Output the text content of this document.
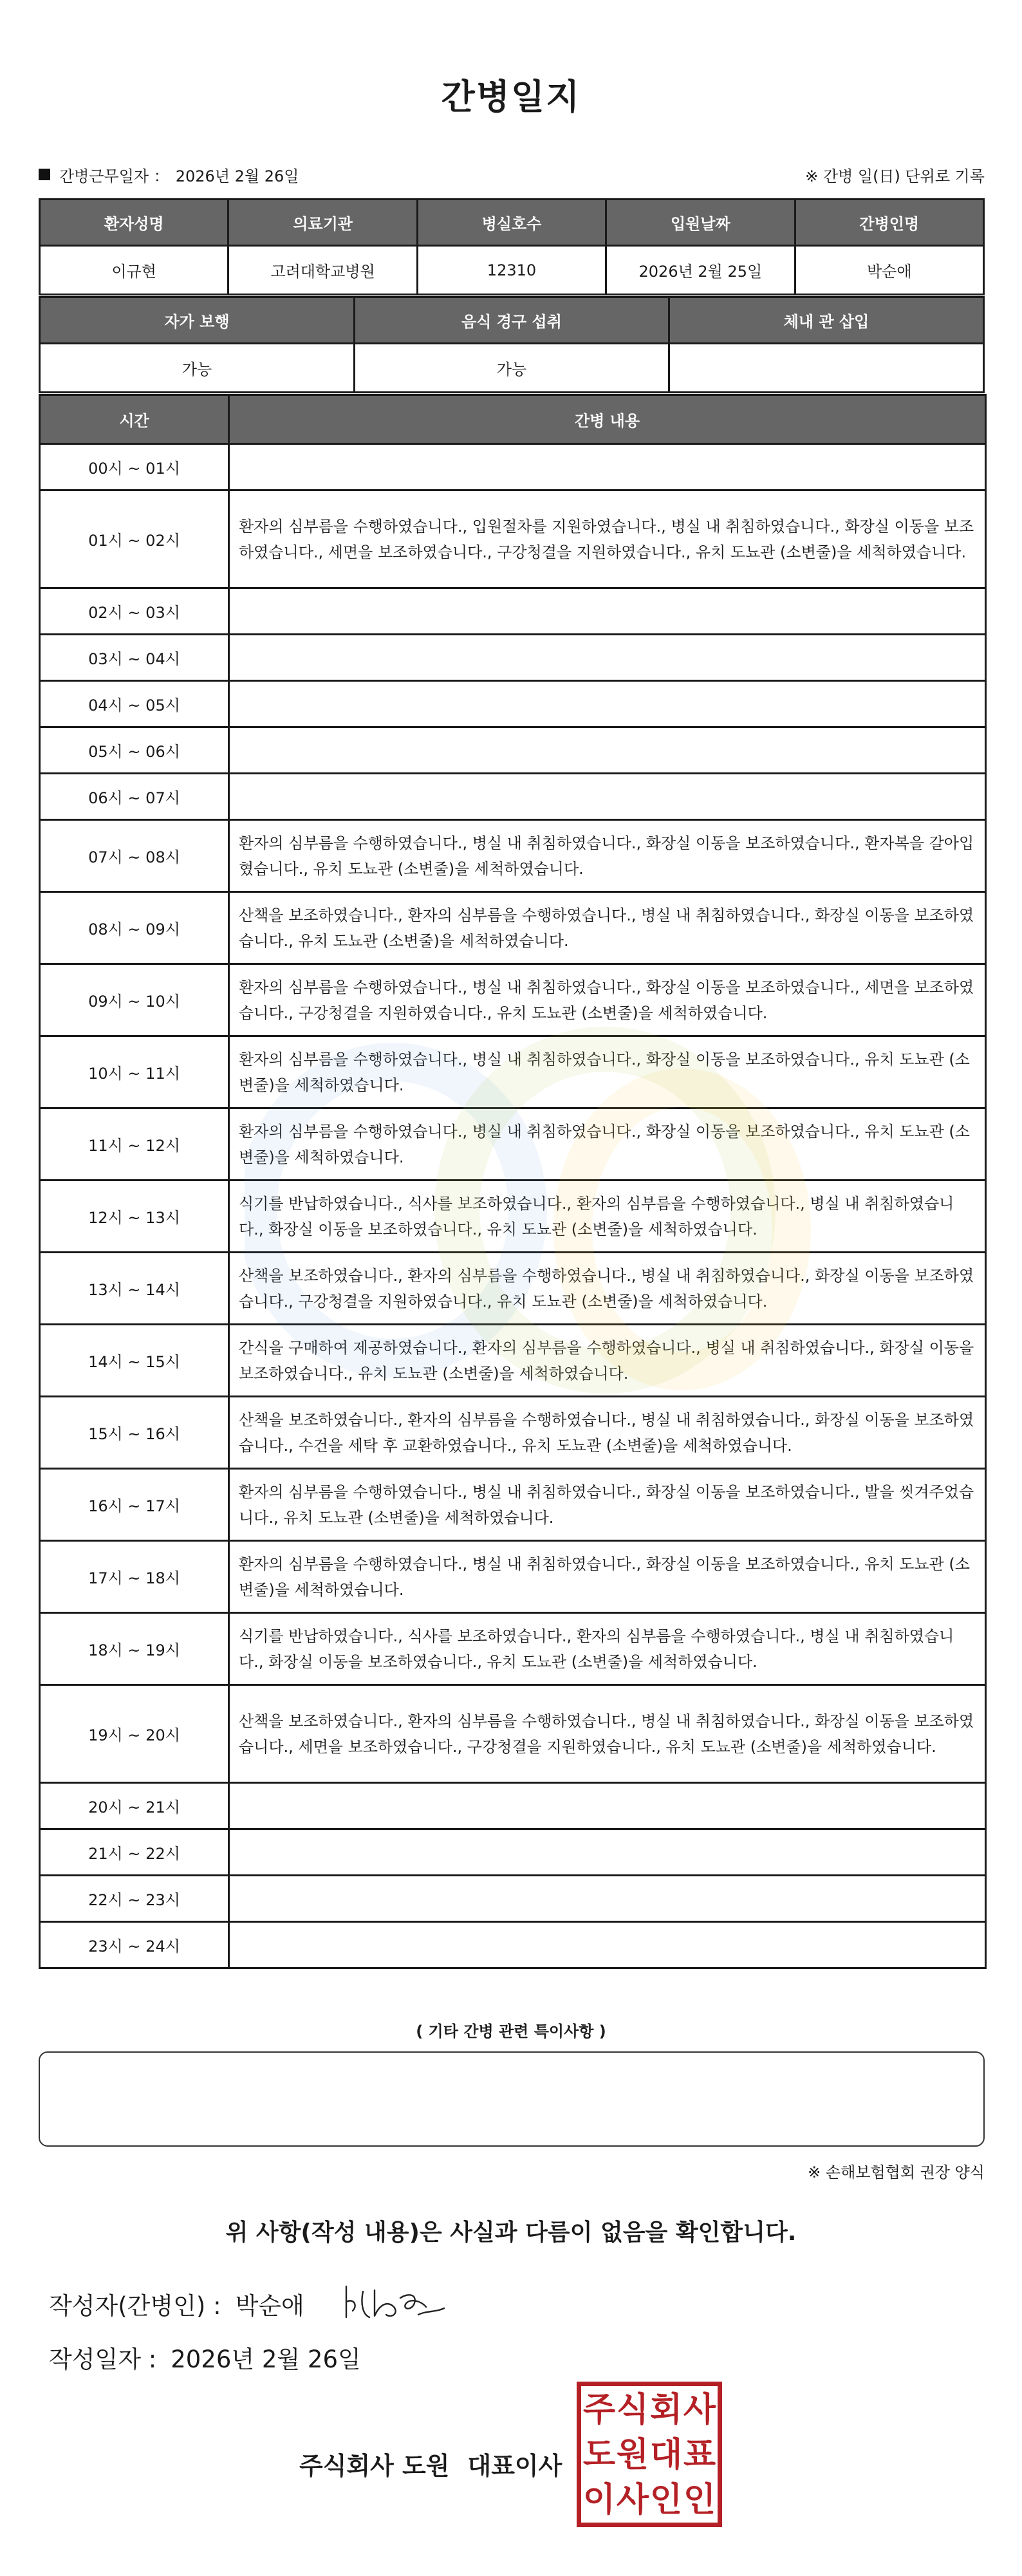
간병일지
간병근무일자 ： 2026년 2월 26일	※ 간병 일(日) 단위로 기록
환자성명	의료기관	병실호수	입원날짜	간병인명
이규현	고려대학교병원	12310	2026년 2월 25일	박순애
자가 보행	음식 경구 섭취	체내 관 삽입
가능	가능	
시간	간병 내용
00시 ~ 01시	
01시 ~ 02시	환자의 심부름을 수행하였습니다., 입원절차를 지원하였습니다., 병실 내 취침하였습니다., 화장실 이동을 보조하였습니다., 세면을 보조하였습니다., 구강청결을 지원하였습니다., 유치 도뇨관 (소변줄)을 세척하였습니다.
02시 ~ 03시	
03시 ~ 04시	
04시 ~ 05시	
05시 ~ 06시	
06시 ~ 07시	
07시 ~ 08시	환자의 심부름을 수행하였습니다., 병실 내 취침하였습니다., 화장실 이동을 보조하였습니다., 환자복을 갈아입혔습니다., 유치 도뇨관 (소변줄)을 세척하였습니다.
08시 ~ 09시	산책을 보조하였습니다., 환자의 심부름을 수행하였습니다., 병실 내 취침하였습니다., 화장실 이동을 보조하였습니다., 유치 도뇨관 (소변줄)을 세척하였습니다.
09시 ~ 10시	환자의 심부름을 수행하였습니다., 병실 내 취침하였습니다., 화장실 이동을 보조하였습니다., 세면을 보조하였습니다., 구강청결을 지원하였습니다., 유치 도뇨관 (소변줄)을 세척하였습니다.
10시 ~ 11시	환자의 심부름을 수행하였습니다., 병실 내 취침하였습니다., 화장실 이동을 보조하였습니다., 유치 도뇨관 (소변줄)을 세척하였습니다.
11시 ~ 12시	환자의 심부름을 수행하였습니다., 병실 내 취침하였습니다., 화장실 이동을 보조하였습니다., 유치 도뇨관 (소변줄)을 세척하였습니다.
12시 ~ 13시	식기를 반납하였습니다., 식사를 보조하였습니다., 환자의 심부름을 수행하였습니다., 병실 내 취침하였습니다., 화장실 이동을 보조하였습니다., 유치 도뇨관 (소변줄)을 세척하였습니다.
13시 ~ 14시	산책을 보조하였습니다., 환자의 심부름을 수행하였습니다., 병실 내 취침하였습니다., 화장실 이동을 보조하였습니다., 구강청결을 지원하였습니다., 유치 도뇨관 (소변줄)을 세척하였습니다.
14시 ~ 15시	간식을 구매하여 제공하였습니다., 환자의 심부름을 수행하였습니다., 병실 내 취침하였습니다., 화장실 이동을 보조하였습니다., 유치 도뇨관 (소변줄)을 세척하였습니다.
15시 ~ 16시	산책을 보조하였습니다., 환자의 심부름을 수행하였습니다., 병실 내 취침하였습니다., 화장실 이동을 보조하였습니다., 수건을 세탁 후 교환하였습니다., 유치 도뇨관 (소변줄)을 세척하였습니다.
16시 ~ 17시	환자의 심부름을 수행하였습니다., 병실 내 취침하였습니다., 화장실 이동을 보조하였습니다., 발을 씻겨주었습니다., 유치 도뇨관 (소변줄)을 세척하였습니다.
17시 ~ 18시	환자의 심부름을 수행하였습니다., 병실 내 취침하였습니다., 화장실 이동을 보조하였습니다., 유치 도뇨관 (소변줄)을 세척하였습니다.
18시 ~ 19시	식기를 반납하였습니다., 식사를 보조하였습니다., 환자의 심부름을 수행하였습니다., 병실 내 취침하였습니다., 화장실 이동을 보조하였습니다., 유치 도뇨관 (소변줄)을 세척하였습니다.
19시 ~ 20시	산책을 보조하였습니다., 환자의 심부름을 수행하였습니다., 병실 내 취침하였습니다., 화장실 이동을 보조하였습니다., 세면을 보조하였습니다., 구강청결을 지원하였습니다., 유치 도뇨관 (소변줄)을 세척하였습니다.
20시 ~ 21시	
21시 ~ 22시	
22시 ~ 23시	
23시 ~ 24시	
( 기타 간병 관련 특이사항 )
※ 손해보험협회 권장 양식
위 사항(작성 내용)은 사실과 다름이 없음을 확인합니다.
작성자(간병인) : 박순애
작성일자 : 2026년 2월 26일
주식회사 도원 대표이사
주 식 회 사
도 원 대 표
이 사 인 인
